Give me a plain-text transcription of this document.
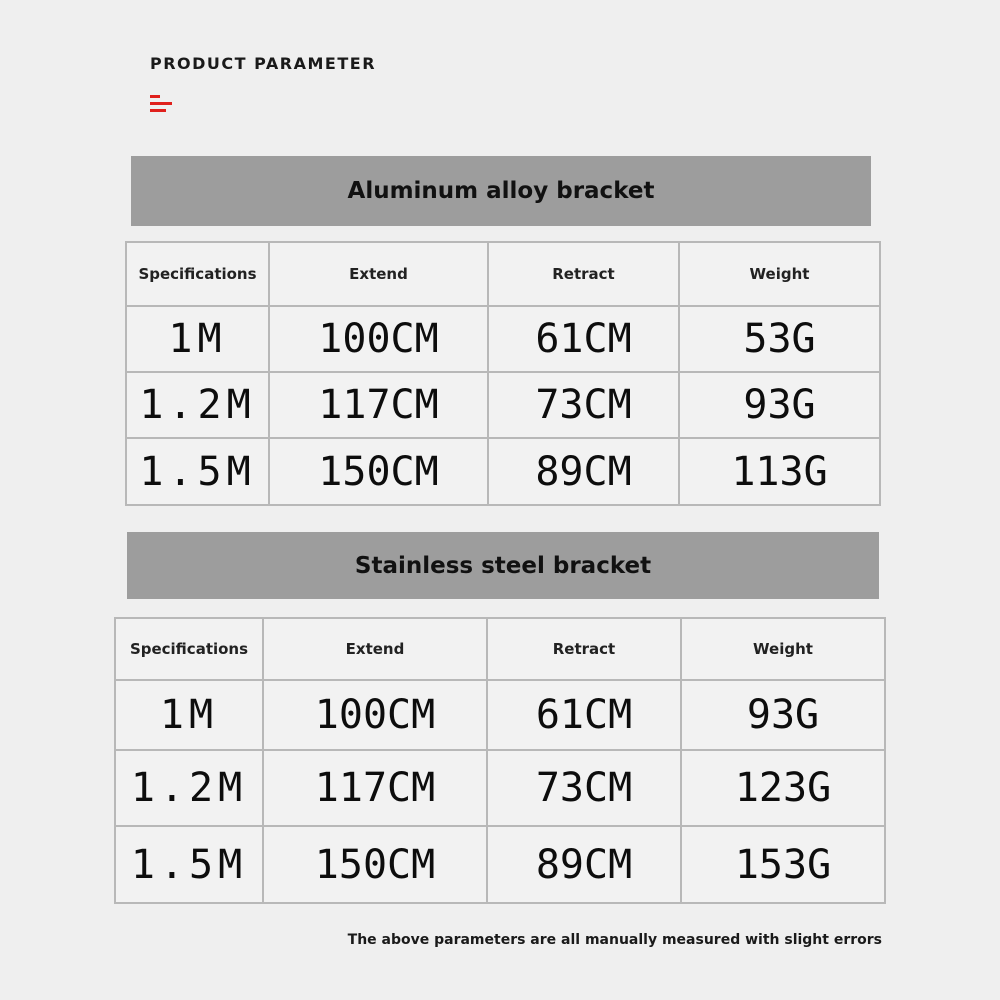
PRODUCT PARAMETER
Aluminum alloy bracket
Specifications	Extend	Retract	Weight
1M	100CM	61CM	53G
1.2M	117CM	73CM	93G
1.5M	150CM	89CM	113G
Stainless steel bracket
Specifications	Extend	Retract	Weight
1M	100CM	61CM	93G
1.2M	117CM	73CM	123G
1.5M	150CM	89CM	153G
The above parameters are all manually measured with slight errors
